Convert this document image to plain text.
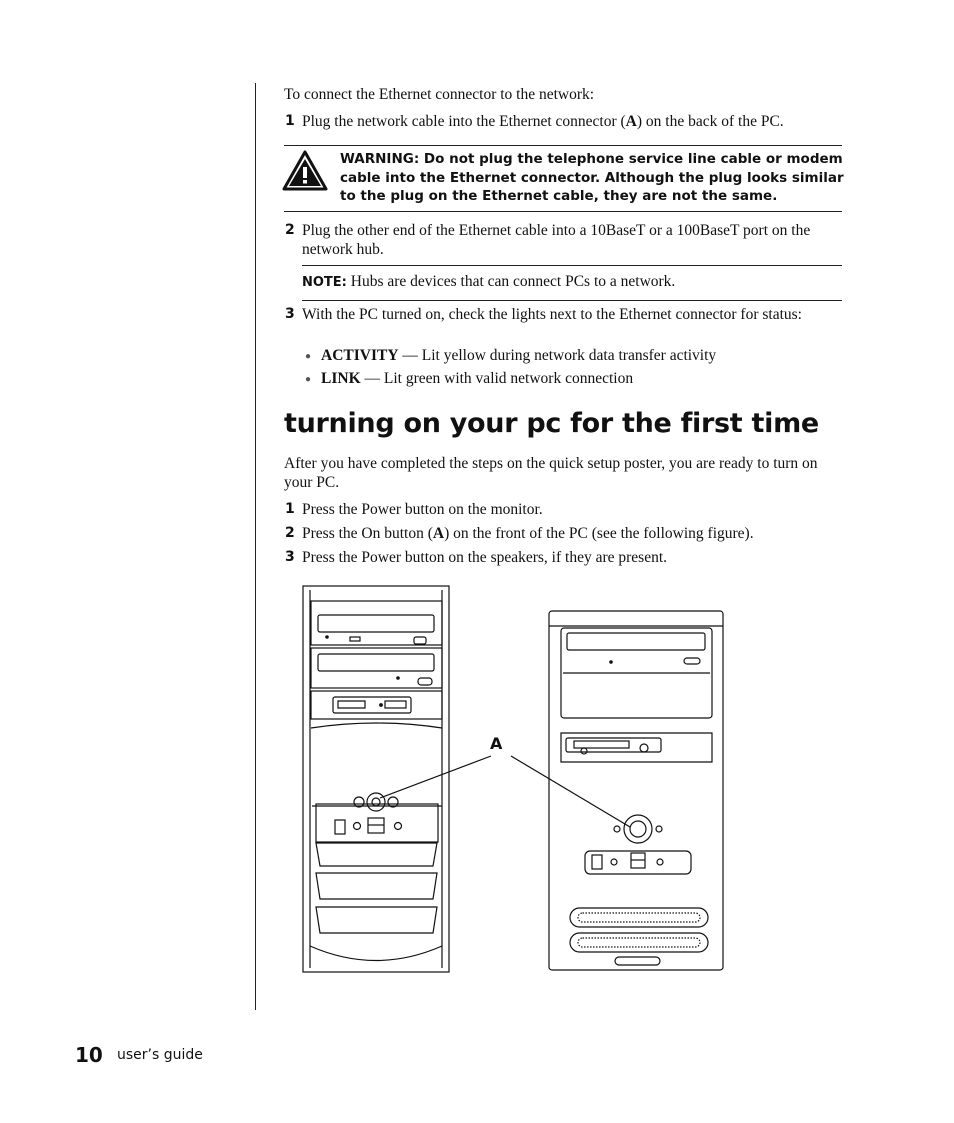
To connect the Ethernet connector to the network:
1 Plug the network cable into the Ethernet connector (A) on the back of the PC.
WARNING: Do not plug the telephone service line cable or modem cable into the Ethernet connector. Although the plug looks similar to the plug on the Ethernet cable, they are not the same.
2 Plug the other end of the Ethernet cable into a 10BaseT or a 100BaseT port on the network hub.
NOTE: Hubs are devices that can connect PCs to a network.
3 With the PC turned on, check the lights next to the Ethernet connector for status:
● ACTIVITY — Lit yellow during network data transfer activity
● LINK — Lit green with valid network connection
turning on your pc for the first time
After you have completed the steps on the quick setup poster, you are ready to turn on your PC.
1 Press the Power button on the monitor.
2 Press the On button (A) on the front of the PC (see the following figure).
3 Press the Power button on the speakers, if they are present.
A
10 user’s guide
